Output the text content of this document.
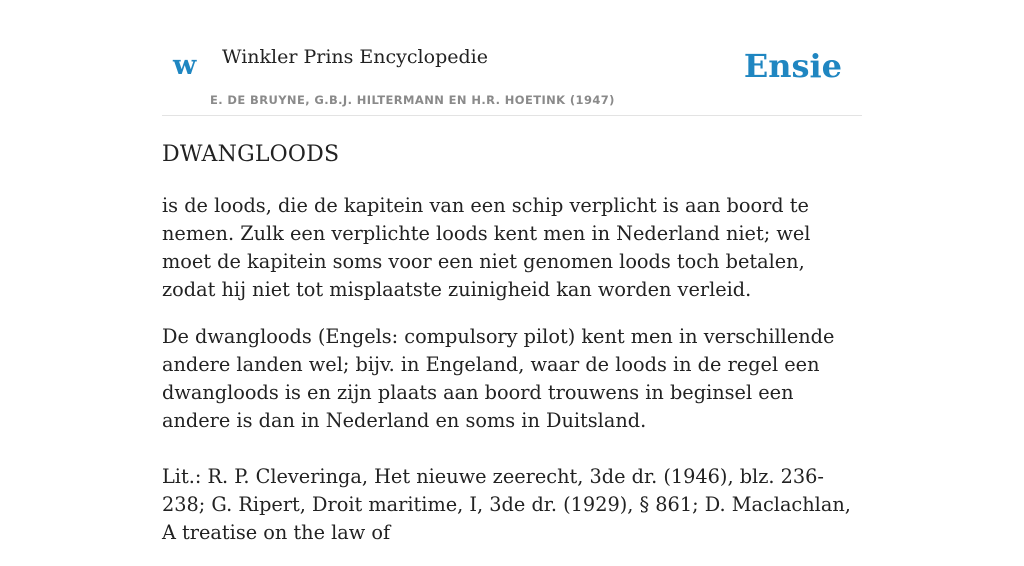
w Winkler Prins Encyclopedie
E. DE BRUYNE, G.B.J. HILTERMANN EN H.R. HOETINK (1947)
Ensie
DWANGLOODS

is de loods, die de kapitein van een schip verplicht is aan boord te nemen. Zulk een verplichte loods kent men in Nederland niet; wel moet de kapitein soms voor een niet genomen loods toch betalen, zodat hij niet tot misplaatste zuinigheid kan worden verleid.

De dwangloods (Engels: compulsory pilot) kent men in verschillende andere landen wel; bijv. in Engeland, waar de loods in de regel een dwangloods is en zijn plaats aan boord trouwens in beginsel een andere is dan in Nederland en soms in Duitsland.

Lit.: R. P. Cleveringa, Het nieuwe zeerecht, 3de dr. (1946), blz. 236-238; G. Ripert, Droit maritime, I, 3de dr. (1929), § 861; D. Maclachlan, A treatise on the law of
